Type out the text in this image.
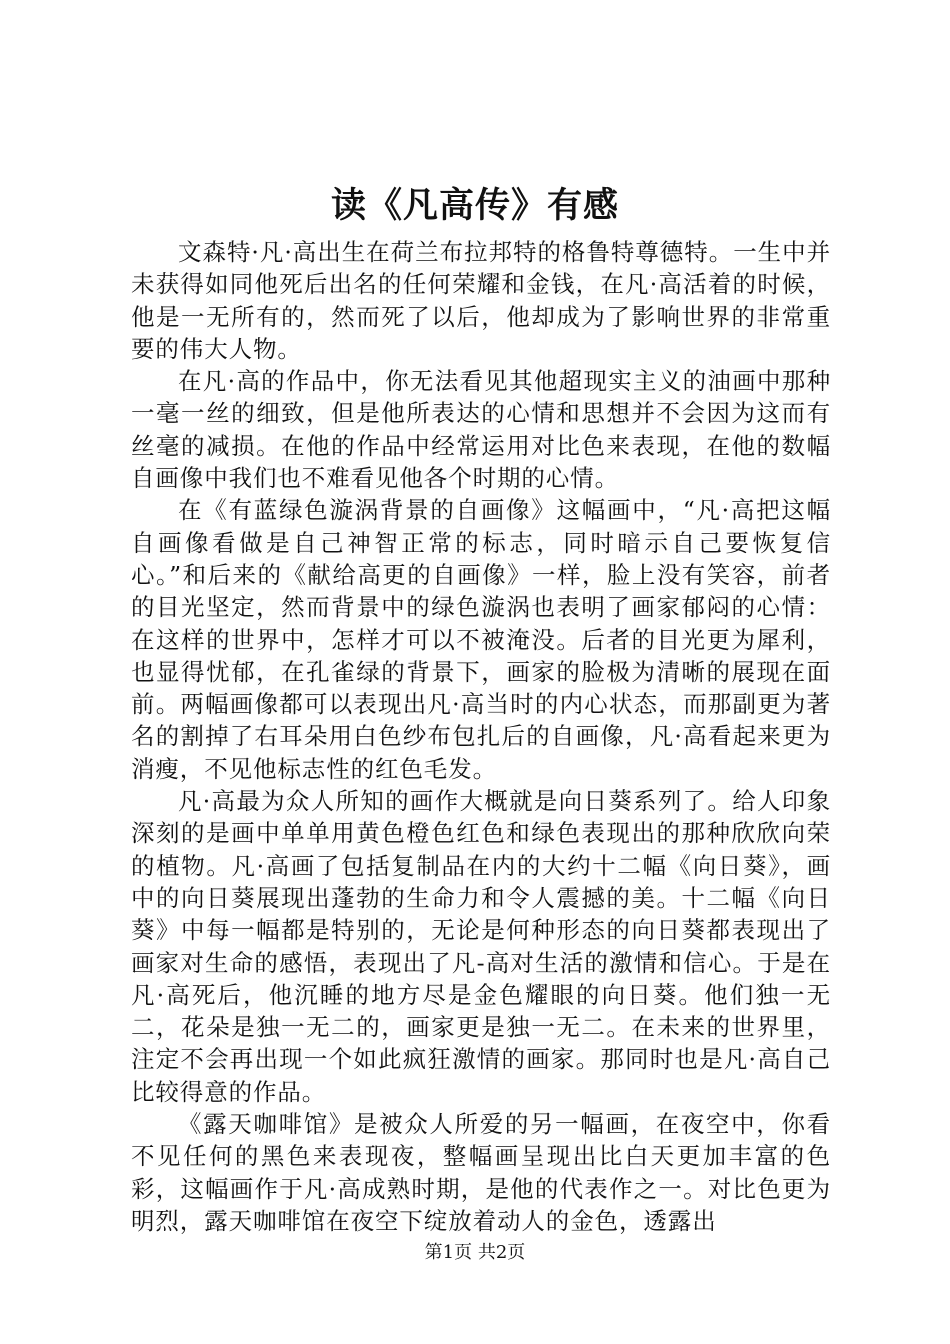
读《凡高传》有感

文森特·凡·高出生在荷兰布拉邦特的格鲁特尊德特。一生中并未获得如同他死后出名的任何荣耀和金钱，在凡·高活着的时候，他是一无所有的，然而死了以后，他却成为了影响世界的非常重要的伟大人物。

在凡·高的作品中，你无法看见其他超现实主义的油画中那种一毫一丝的细致，但是他所表达的心情和思想并不会因为这而有丝毫的减损。在他的作品中经常运用对比色来表现，在他的数幅自画像中我们也不难看见他各个时期的心情。

在《有蓝绿色漩涡背景的自画像》这幅画中，“凡·高把这幅自画像看做是自己神智正常的标志，同时暗示自己要恢复信心。”和后来的《献给高更的自画像》一样，脸上没有笑容，前者的目光坚定，然而背景中的绿色漩涡也表明了画家郁闷的心情：在这样的世界中，怎样才可以不被淹没。后者的目光更为犀利，也显得忧郁，在孔雀绿的背景下，画家的脸极为清晰的展现在面前。两幅画像都可以表现出凡·高当时的内心状态，而那副更为著名的割掉了右耳朵用白色纱布包扎后的自画像，凡·高看起来更为消瘦，不见他标志性的红色毛发。

凡·高最为众人所知的画作大概就是向日葵系列了。给人印象深刻的是画中单单用黄色橙色红色和绿色表现出的那种欣欣向荣的植物。凡·高画了包括复制品在内的大约十二幅《向日葵》，画中的向日葵展现出蓬勃的生命力和令人震撼的美。十二幅《向日葵》中每一幅都是特别的，无论是何种形态的向日葵都表现出了画家对生命的感悟，表现出了凡-高对生活的激情和信心。于是在凡·高死后，他沉睡的地方尽是金色耀眼的向日葵。他们独一无二，花朵是独一无二的，画家更是独一无二。在未来的世界里，注定不会再出现一个如此疯狂激情的画家。那同时也是凡·高自己比较得意的作品。

《露天咖啡馆》是被众人所爱的另一幅画，在夜空中，你看不见任何的黑色来表现夜，整幅画呈现出比白天更加丰富的色彩，这幅画作于凡·高成熟时期，是他的代表作之一。对比色更为明烈，露天咖啡馆在夜空下绽放着动人的金色，透露出

第1页 共2页
